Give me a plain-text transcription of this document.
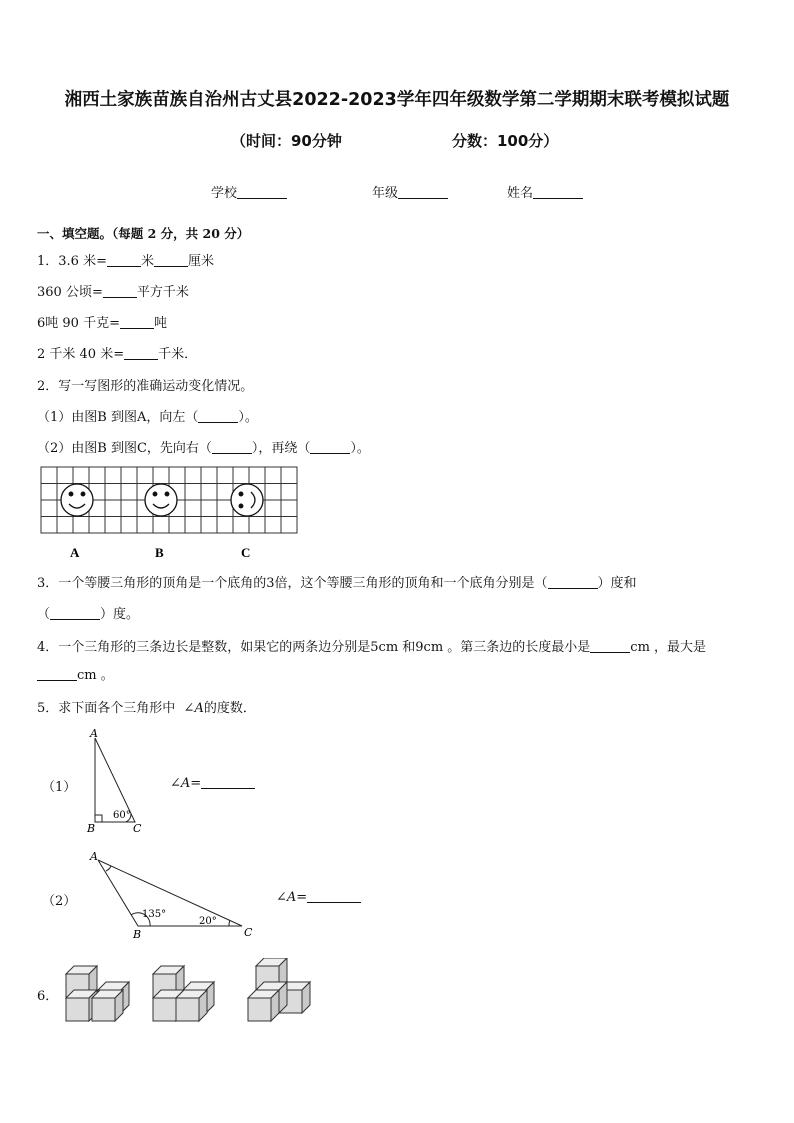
湘西土家族苗族自治州古丈县2022-2023学年四年级数学第二学期期末联考模拟试题
（时间：90分钟	分数：100分）
学校	年级	姓名
一、填空题。（每题 2 分，共 20 分）
1．3.6 米=	米	厘米
360 公顷=	平方千米
6吨 90 千克=	吨
2 千米 40 米=	千米．
2．写一写图形的准确运动变化情况。
（1）由图B 到图A，向左（	）。
（2）由图B 到图C，先向右（	），再绕（	）。
A	B	C
3．一个等腰三角形的顶角是一个底角的3倍，这个等腰三角形的顶角和一个底角分别是（	）度和
（	）度。
4．一个三角形的三条边长是整数，如果它的两条边分别是5cm 和9cm 。第三条边的长度最小是	cm ，最大是
cm 。
5．求下面各个三角形中 ∠A的度数．
（1）
A
B	C
60°
∠A=
（2）
A
B	C
135°
20°
∠A=
6．
